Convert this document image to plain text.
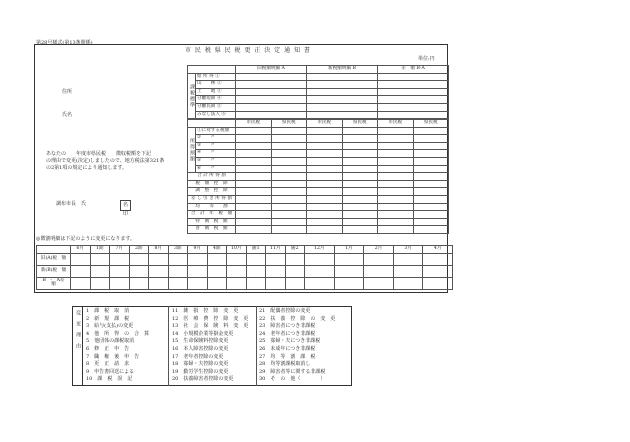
第28号様式(第13条関係)
市 民 税 県 民 税 更 正 決 定 通 知 書
単位:円
住所
氏名
あなたの　　年度市県民税　　徴収税額を下記
の理由で変更(決定)しましたので、地方税法第321条
の2第1項の規定により通知します。
調布市長　氏	名印
		旧税額明細 A	新税額明細 B	差　額 B-A
課税標準	給 所 得 ①			
	山　　林 ②			
	土　　地 ③			
	分離短期 ④			
	分離長期 ⑤			
	みなし法人 ⑥			
		市民税	県民税	市民税	県民税	市民税	県民税
所得割額	①に対する税額						
	②　　〃						
	③　　〃						
	④　　〃						
	⑤　　〃						
	⑥　　〃						
合 計 所 得 割							
税　額　控　除							
調　整　控　除							
差 し 引 き 所 得 割							
均　　等　　割							
合　計　年　税　額							
特　徴　税　額							
普　徴　税　額							
◎徴割明細は下記のように変更になります。
	6月	1期	7月	2期	8月	3期	9月	4期	10月	随1	11月	随2	12月	1月	2月	3月	4月	
旧(A)税　額																		
新(B)税　額																		
B　-　A差　額																		
変更理由 1　課　税　取　消
2　新　規　課　税
3　給与(支払)の変更
4　他　所　得　の　合　算
5　他団体の課税取消
6　修　正　申　告
7　職　権　後　申　告
8　更　正　請　求
9　申告書回送による
10　課　税　誤　記
11　雑　損　控　除　変　更
12　医　療　費　控　除　変　更
13　社　会　保　険　料　変　更
14　小規模企業等掛金変更
15　生命保険料控除変更
16　本人障害控除の変更
17　老年者控除の変更
18　寡婦・夫控除の変更
19　勤労学生控除の変更
20　扶養障害者控除の変更
21　配偶者控除の変更
22　扶　養　控　除　の　変　更
23　障害者につき非課税
24　老年者につき非課税
25　寡婦・夫につき非課税
26　未成年につき非課税
27　均　等　割　課　税
28　均等割課税取消し
29　障害者等に関する非課税
30　そ　の　他（　　　　）
